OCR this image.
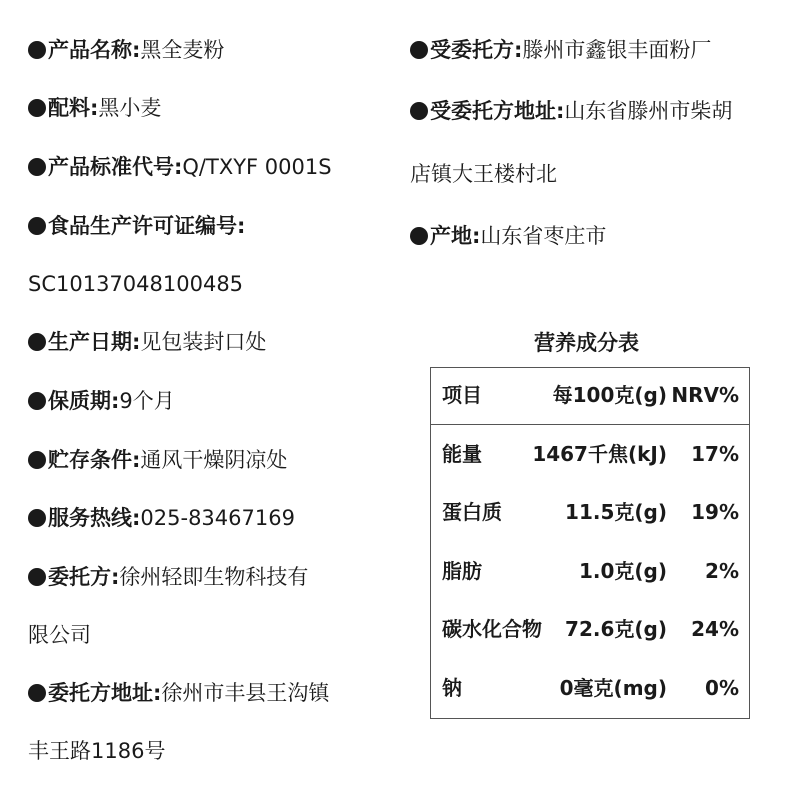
产品名称:黑全麦粉
配料:黑小麦
产品标准代号:Q/TXYF 0001S
食品生产许可证编号:
SC10137048100485
生产日期:见包装封口处
保质期:9个月
贮存条件:通风干燥阴凉处
服务热线:025-83467169
委托方:徐州轻即生物科技有
限公司
委托方地址:徐州市丰县王沟镇
丰王路1186号
受委托方:滕州市鑫银丰面粉厂
受委托方地址:山东省滕州市柴胡
店镇大王楼村北
产地:山东省枣庄市
营养成分表
项目	每100克(g) NRV%
能量	1467千焦(kJ) 17%
蛋白质	11.5克(g) 19%
脂肪	1.0克(g) 2%
碳水化合物 72.6克(g) 24%
钠	0毫克(mg) 0%
